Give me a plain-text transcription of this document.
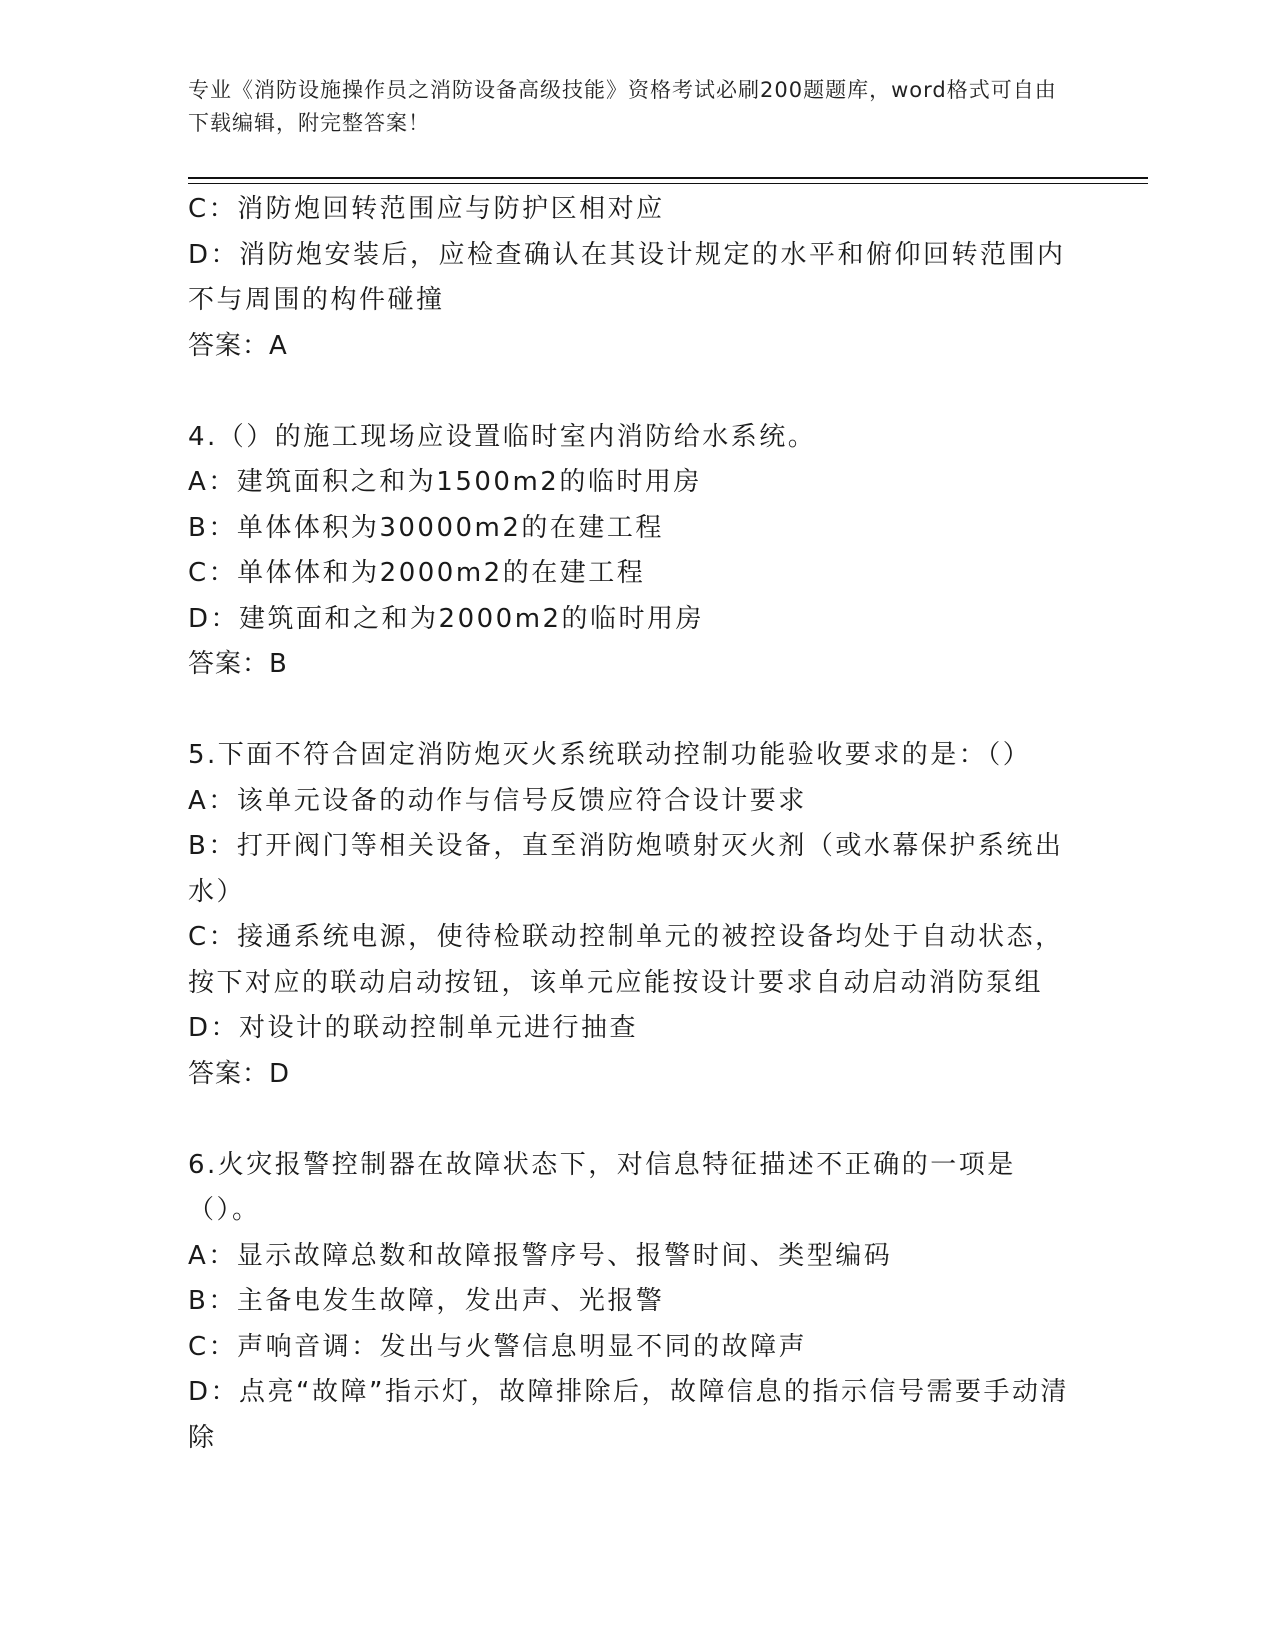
专业《消防设施操作员之消防设备高级技能》资格考试必刷200题题库，word格式可自由下载编辑，附完整答案！
C：消防炮回转范围应与防护区相对应
D：消防炮安装后，应检查确认在其设计规定的水平和俯仰回转范围内不与周围的构件碰撞
答案：A
4.（）的施工现场应设置临时室内消防给水系统。
A：建筑面积之和为1500m2的临时用房
B：单体体积为30000m2的在建工程
C：单体体和为2000m2的在建工程
D：建筑面和之和为2000m2的临时用房
答案：B
5.下面不符合固定消防炮灭火系统联动控制功能验收要求的是：（）
A：该单元设备的动作与信号反馈应符合设计要求
B：打开阀门等相关设备，直至消防炮喷射灭火剂（或水幕保护系统出水）
C：接通系统电源，使待检联动控制单元的被控设备均处于自动状态，按下对应的联动启动按钮，该单元应能按设计要求自动启动消防泵组
D：对设计的联动控制单元进行抽查
答案：D
6.火灾报警控制器在故障状态下，对信息特征描述不正确的一项是（）。
A：显示故障总数和故障报警序号、报警时间、类型编码
B：主备电发生故障，发出声、光报警
C：声响音调：发出与火警信息明显不同的故障声
D：点亮“故障”指示灯，故障排除后，故障信息的指示信号需要手动清除
